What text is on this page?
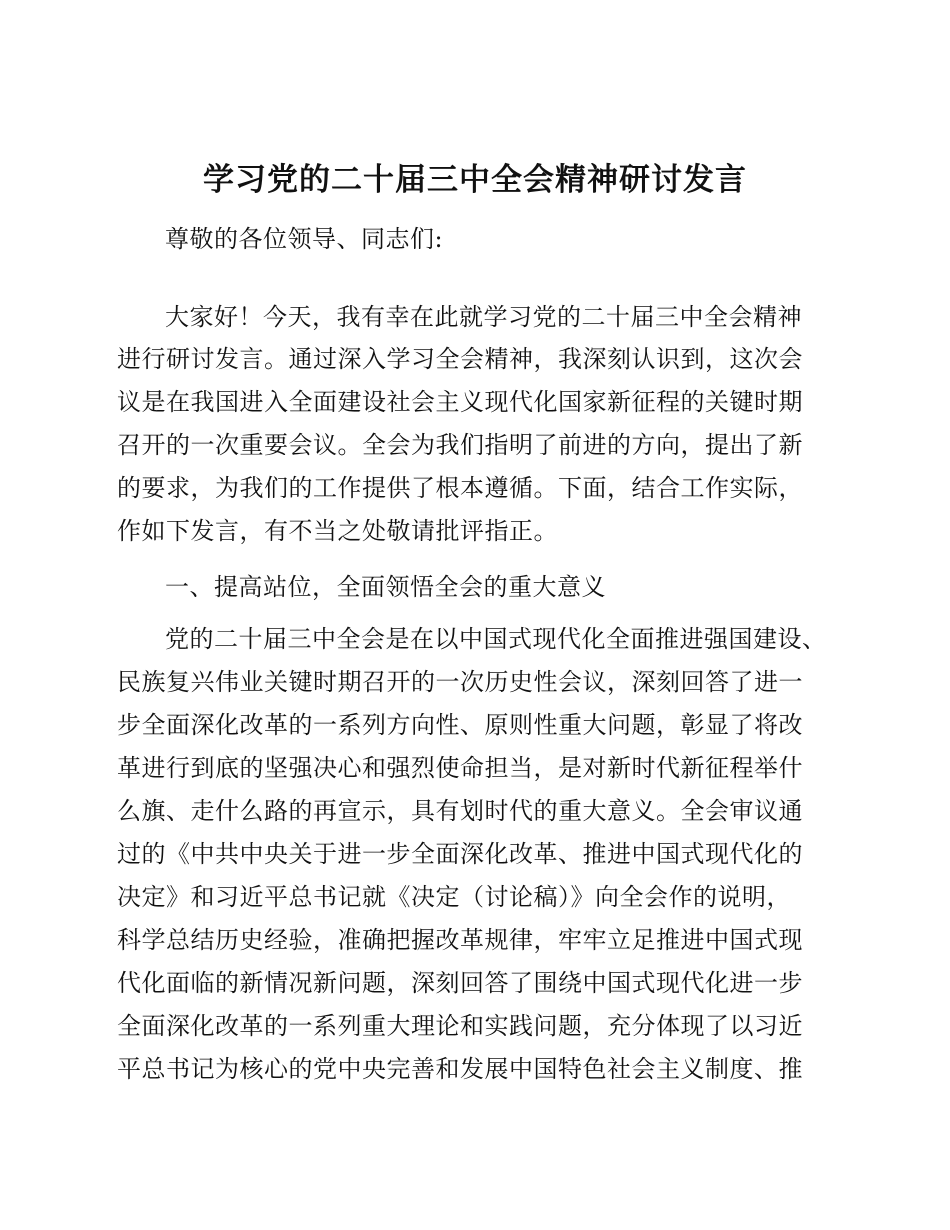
学习党的二十届三中全会精神研讨发言
尊敬的各位领导、同志们:
大家好！今天，我有幸在此就学习党的二十届三中全会精神
进行研讨发言。通过深入学习全会精神，我深刻认识到，这次会
议是在我国进入全面建设社会主义现代化国家新征程的关键时期
召开的一次重要会议。全会为我们指明了前进的方向，提出了新
的要求，为我们的工作提供了根本遵循。下面，结合工作实际，
作如下发言，有不当之处敬请批评指正。
一、提高站位，全面领悟全会的重大意义
党的二十届三中全会是在以中国式现代化全面推进强国建设、
民族复兴伟业关键时期召开的一次历史性会议，深刻回答了进一
步全面深化改革的一系列方向性、原则性重大问题，彰显了将改
革进行到底的坚强决心和强烈使命担当，是对新时代新征程举什
么旗、走什么路的再宣示，具有划时代的重大意义。全会审议通
过的《中共中央关于进一步全面深化改革、推进中国式现代化的
决定》和习近平总书记就《决定（讨论稿）》向全会作的说明，
科学总结历史经验，准确把握改革规律，牢牢立足推进中国式现
代化面临的新情况新问题，深刻回答了围绕中国式现代化进一步
全面深化改革的一系列重大理论和实践问题，充分体现了以习近
平总书记为核心的党中央完善和发展中国特色社会主义制度、推
